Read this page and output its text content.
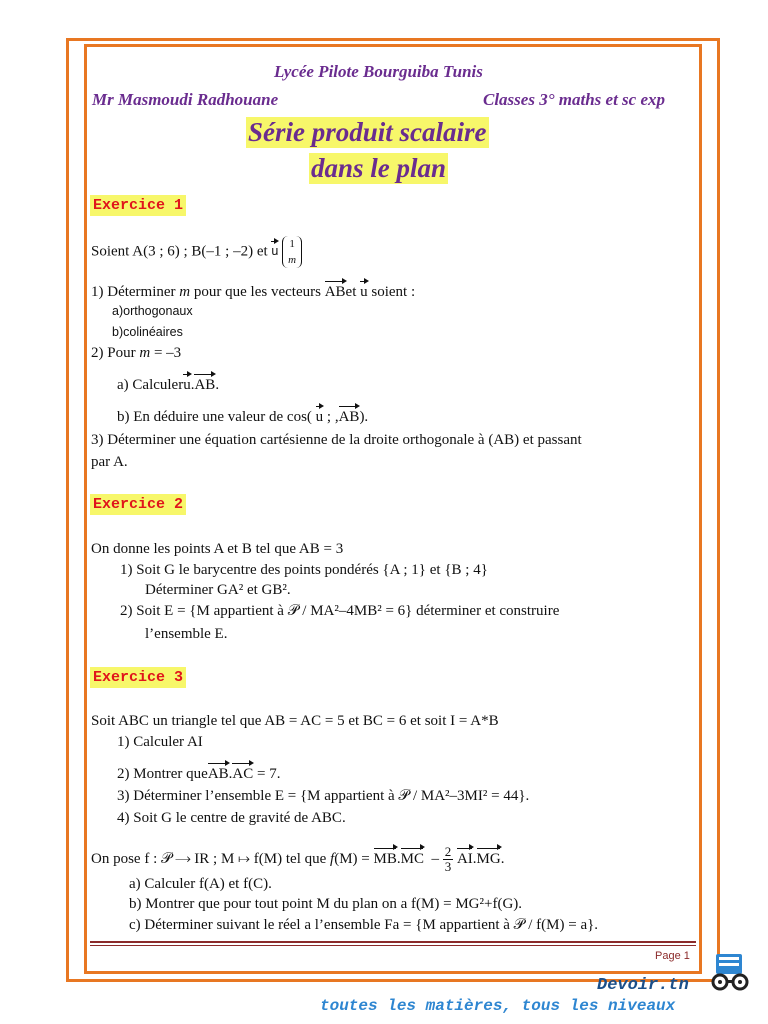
Lycée Pilote Bourguiba Tunis
Mr Masmoudi Radhouane	Classes 3° maths et sc exp
Série produit scalaire
dans le plan
Exercice 1
Soient A(3 ; 6) ; B(–1 ; –2) et u 1
m
1) Déterminer m pour que les vecteurs ABet u soient :
a)orthogonaux
b)colinéaires
2) Pour m = –3
a) Calculeru.AB.
b) En déduire une valeur de cos( u ; ,AB).
3) Déterminer une équation cartésienne de la droite orthogonale à (AB) et passant
par A.
Exercice 2
On donne les points A et B tel que AB = 3
1) Soit G le barycentre des points pondérés {A ; 1} et {B ; 4}
Déterminer GA² et GB².
2) Soit E = {M appartient à 𝒫 / MA²–4MB² = 6} déterminer et construire
l’ensemble E.
Exercice 3
Soit ABC un triangle tel que AB = AC = 5 et BC = 6 et soit I = A*B
1) Calculer AI
2) Montrer queAB.AC = 7.
3) Déterminer l’ensemble E = {M appartient à 𝒫 / MA²–3MI² = 44}.
4) Soit G le centre de gravité de ABC.
On pose f : 𝒫 ⟶ IR ; M ↦ f(M) tel que $f(M) = MB.MC - \frac{2}{3} AI.MG$.
a) Calculer f(A) et f(C).
b) Montrer que pour tout point M du plan on a f(M) = MG²+f(G).
c) Déterminer suivant le réel a l’ensemble Fa = {M appartient à 𝒫 / f(M) = a}.
Page 1
Devoir.tn
toutes les matières, tous les niveaux
